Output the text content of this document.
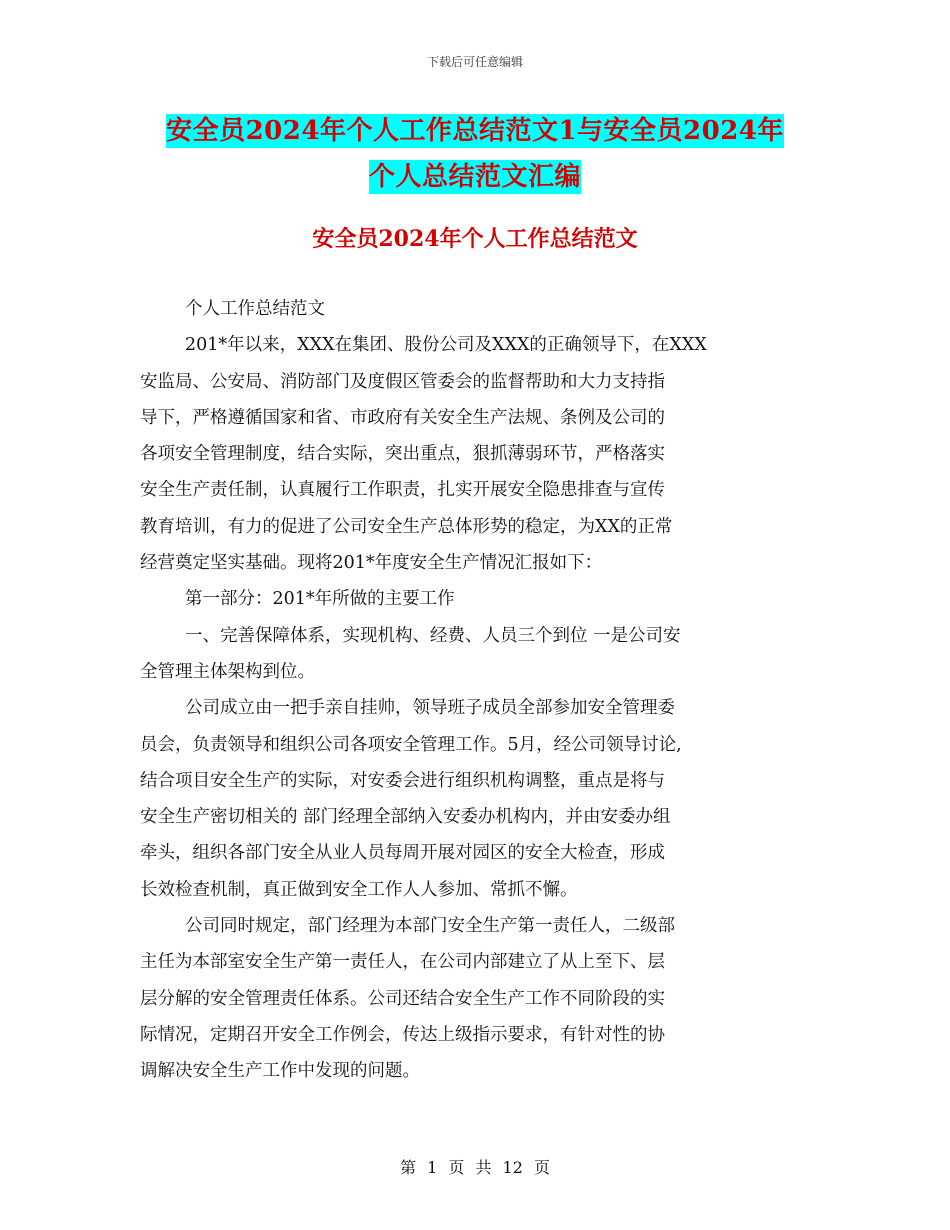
下载后可任意编辑
安全员2024年个人工作总结范文1与安全员2024年
个人总结范文汇编
安全员2024年个人工作总结范文
个人工作总结范文
201*年以来，XXX在集团、股份公司及XXX的正确领导下，在XXX
安监局、公安局、消防部门及度假区管委会的监督帮助和大力支持指
导下，严格遵循国家和省、市政府有关安全生产法规、条例及公司的
各项安全管理制度，结合实际，突出重点，狠抓薄弱环节，严格落实
安全生产责任制，认真履行工作职责，扎实开展安全隐患排查与宣传
教育培训，有力的促进了公司安全生产总体形势的稳定，为XX的正常
经营奠定坚实基础。现将201*年度安全生产情况汇报如下：
第一部分：201*年所做的主要工作
一、完善保障体系，实现机构、经费、人员三个到位 一是公司安
全管理主体架构到位。
公司成立由一把手亲自挂帅，领导班子成员全部参加安全管理委
员会，负责领导和组织公司各项安全管理工作。5月，经公司领导讨论,
结合项目安全生产的实际，对安委会进行组织机构调整，重点是将与
安全生产密切相关的 部门经理全部纳入安委办机构内，并由安委办组
牵头，组织各部门安全从业人员每周开展对园区的安全大检查，形成
长效检查机制，真正做到安全工作人人参加、常抓不懈。
公司同时规定，部门经理为本部门安全生产第一责任人，二级部
主任为本部室安全生产第一责任人，在公司内部建立了从上至下、层
层分解的安全管理责任体系。公司还结合安全生产工作不同阶段的实
际情况，定期召开安全工作例会，传达上级指示要求，有针对性的协
调解决安全生产工作中发现的问题。
第 1 页 共 12 页
